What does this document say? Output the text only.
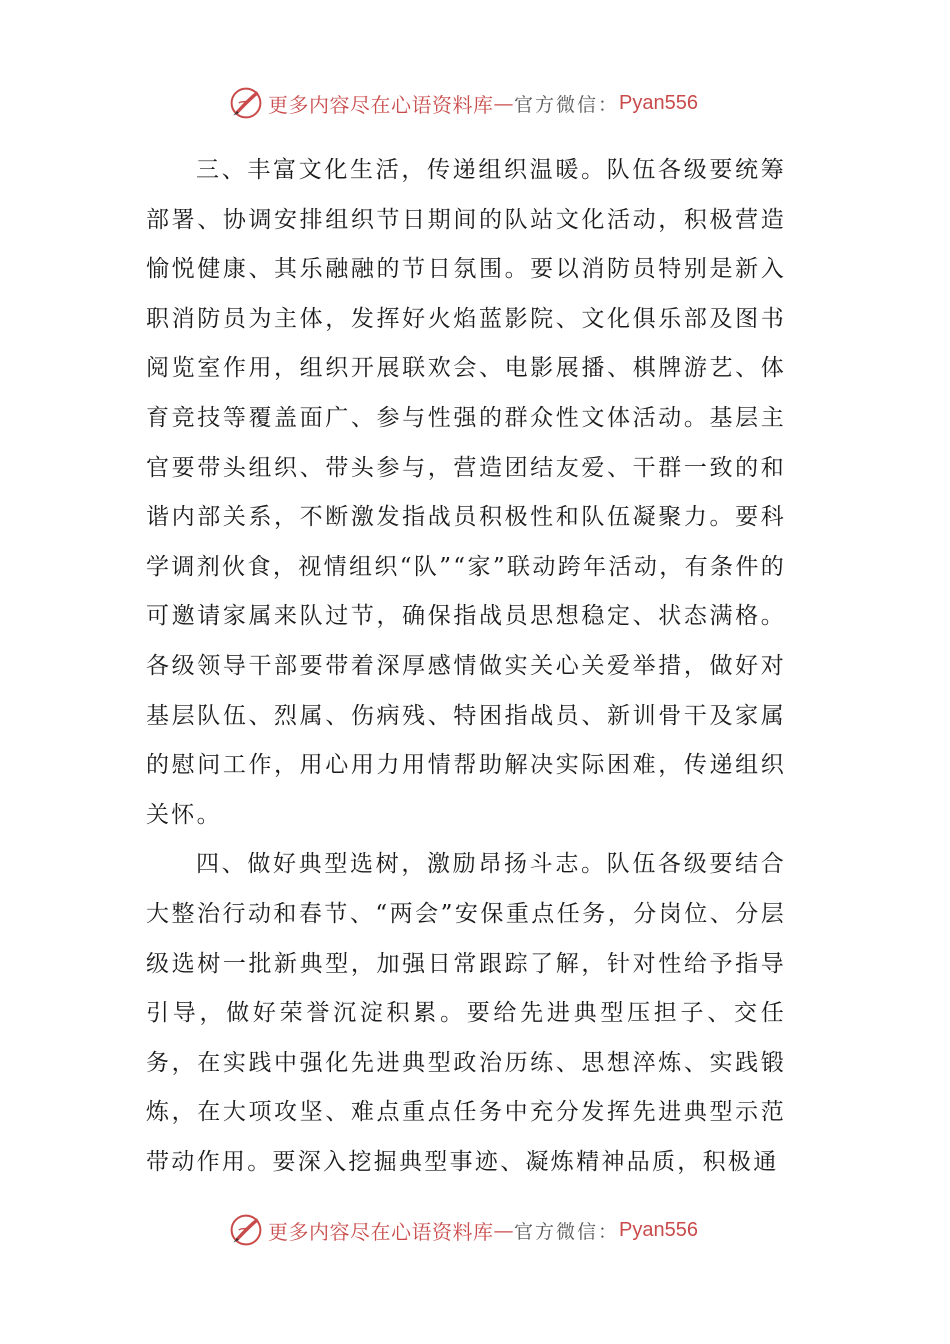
更多内容尽在心语资料库 — 官方微信： Pyan556

三、丰富文化生活，传递组织温暖。队伍各级要统筹部署、协调安排组织节日期间的队站文化活动，积极营造愉悦健康、其乐融融的节日氛围。要以消防员特别是新入职消防员为主体，发挥好火焰蓝影院、文化俱乐部及图书阅览室作用，组织开展联欢会、电影展播、棋牌游艺、体育竞技等覆盖面广、参与性强的群众性文体活动。基层主官要带头组织、带头参与，营造团结友爱、干群一致的和谐内部关系，不断激发指战员积极性和队伍凝聚力。要科学调剂伙食，视情组织“队”“家”联动跨年活动，有条件的可邀请家属来队过节，确保指战员思想稳定、状态满格。各级领导干部要带着深厚感情做实关心关爱举措，做好对基层队伍、烈属、伤病残、特困指战员、新训骨干及家属的慰问工作，用心用力用情帮助解决实际困难，传递组织关怀。

四、做好典型选树，激励昂扬斗志。队伍各级要结合大整治行动和春节、“两会”安保重点任务，分岗位、分层级选树一批新典型，加强日常跟踪了解，针对性给予指导引导，做好荣誉沉淀积累。要给先进典型压担子、交任务，在实践中强化先进典型政治历练、思想淬炼、实践锻炼，在大项攻坚、难点重点任务中充分发挥先进典型示范带动作用。要深入挖掘典型事迹、凝炼精神品质，积极通

更多内容尽在心语资料库 — 官方微信： Pyan556
